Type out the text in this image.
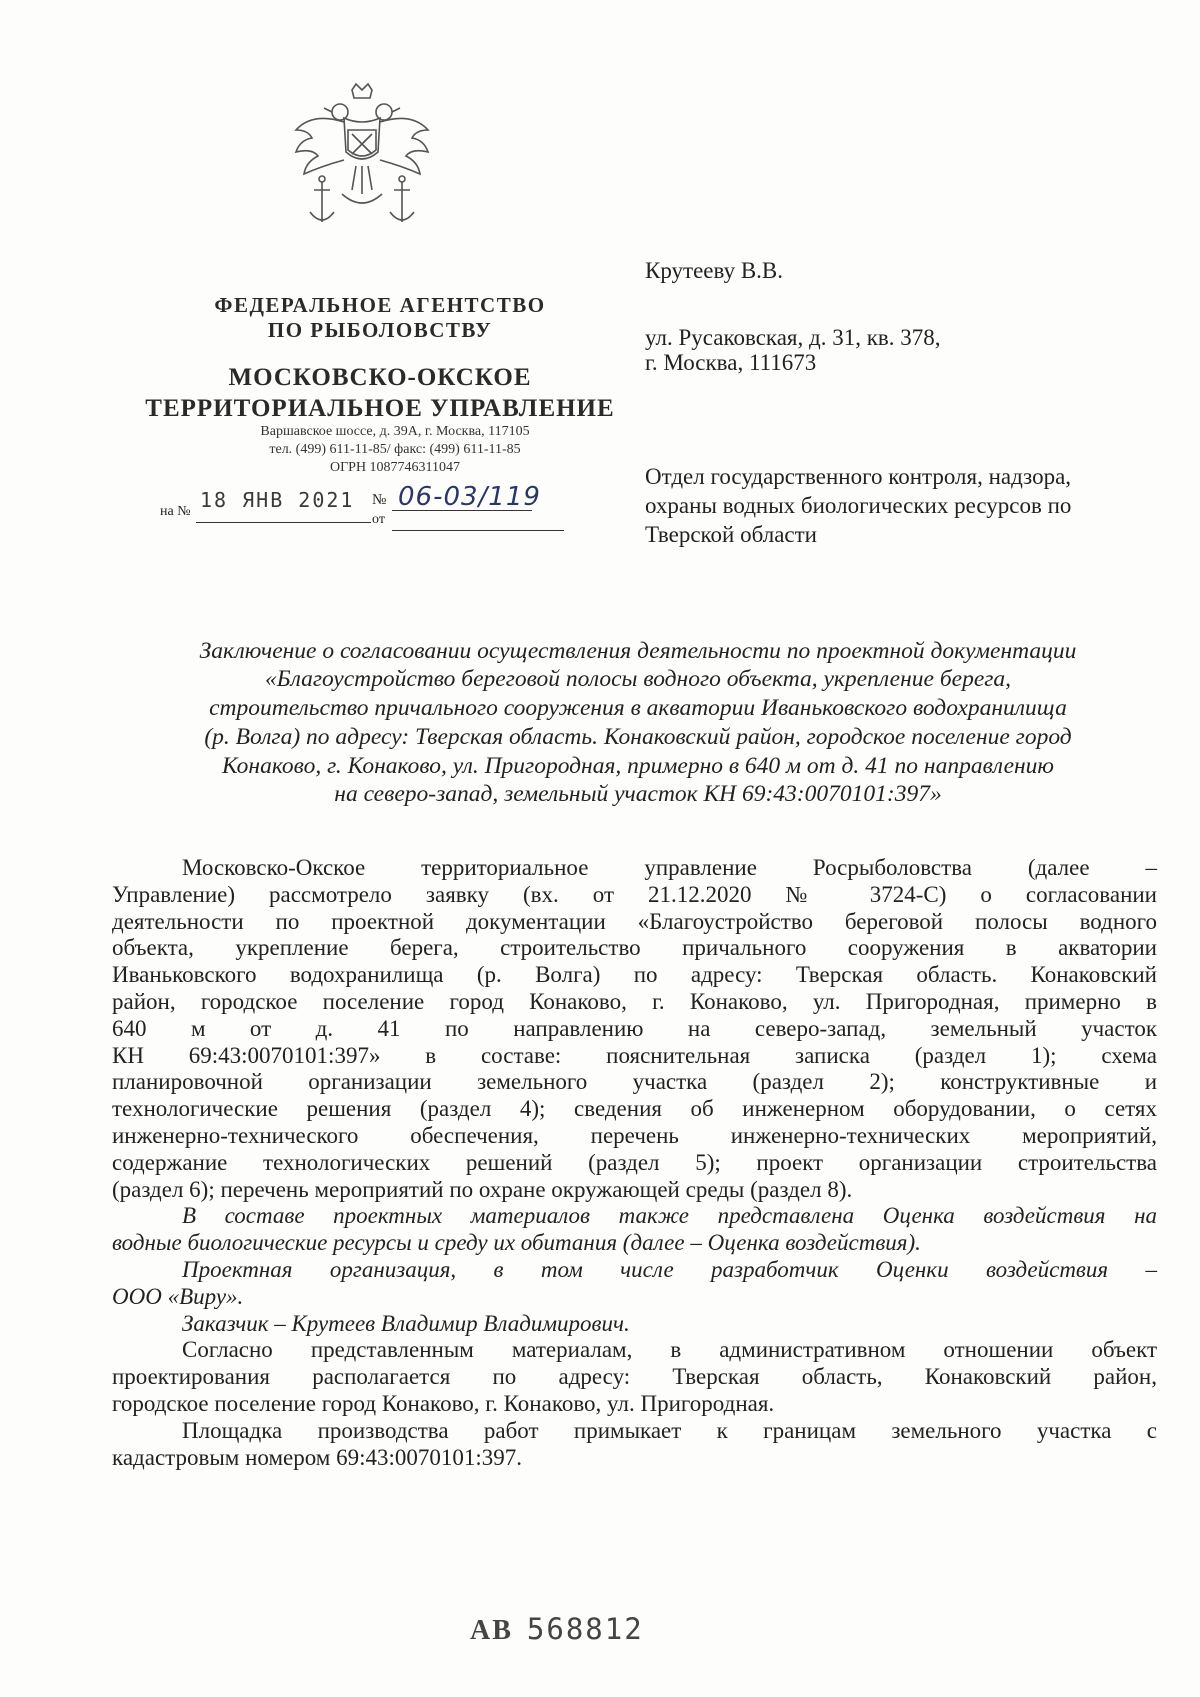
ФЕДЕРАЛЬНОЕ АГЕНТСТВО
ПО РЫБОЛОВСТВУ
МОСКОВСКО-ОКСКОЕ
ТЕРРИТОРИАЛЬНОЕ УПРАВЛЕНИЕ
Варшавское шоссе, д. 39А, г. Москва, 117105
тел. (499) 611-11-85/ факс: (499) 611-11-85
ОГРН 1087746311047
18 ЯНВ 2021
на №
№ 06-03/119
от
Крутееву В.В.
ул. Русаковская, д. 31, кв. 378,
г. Москва, 111673
Отдел государственного контроля, надзора,
охраны водных биологических ресурсов по
Тверской области
Заключение о согласовании осуществления деятельности по проектной документации
«Благоустройство береговой полосы водного объекта, укрепление берега,
строительство причального сооружения в акватории Иваньковского водохранилища
(р. Волга) по адресу: Тверская область. Конаковский район, городское поселение город
Конаково, г. Конаково, ул. Пригородная, примерно в 640 м от д. 41 по направлению
на северо-запад, земельный участок КН 69:43:0070101:397»
Московско-Окское территориальное управление Росрыболовства (далее –
Управление) рассмотрело заявку (вх. от 21.12.2020 № 3724-С) о согласовании
деятельности по проектной документации «Благоустройство береговой полосы водного
объекта, укрепление берега, строительство причального сооружения в акватории
Иваньковского водохранилища (р. Волга) по адресу: Тверская область. Конаковский
район, городское поселение город Конаково, г. Конаково, ул. Пригородная, примерно в
640 м от д. 41 по направлению на северо-запад, земельный участок
КН 69:43:0070101:397» в составе: пояснительная записка (раздел 1); схема
планировочной организации земельного участка (раздел 2); конструктивные и
технологические решения (раздел 4); сведения об инженерном оборудовании, о сетях
инженерно-технического обеспечения, перечень инженерно-технических мероприятий,
содержание технологических решений (раздел 5); проект организации строительства
(раздел 6); перечень мероприятий по охране окружающей среды (раздел 8).
В составе проектных материалов также представлена Оценка воздействия на
водные биологические ресурсы и среду их обитания (далее – Оценка воздействия).
Проектная организация, в том числе разработчик Оценки воздействия –
ООО «Виру».
Заказчик – Крутеев Владимир Владимирович.
Согласно представленным материалам, в административном отношении объект
проектирования располагается по адресу: Тверская область, Конаковский район,
городское поселение город Конаково, г. Конаково, ул. Пригородная.
Площадка производства работ примыкает к границам земельного участка с
кадастровым номером 69:43:0070101:397.
АВ 568812
